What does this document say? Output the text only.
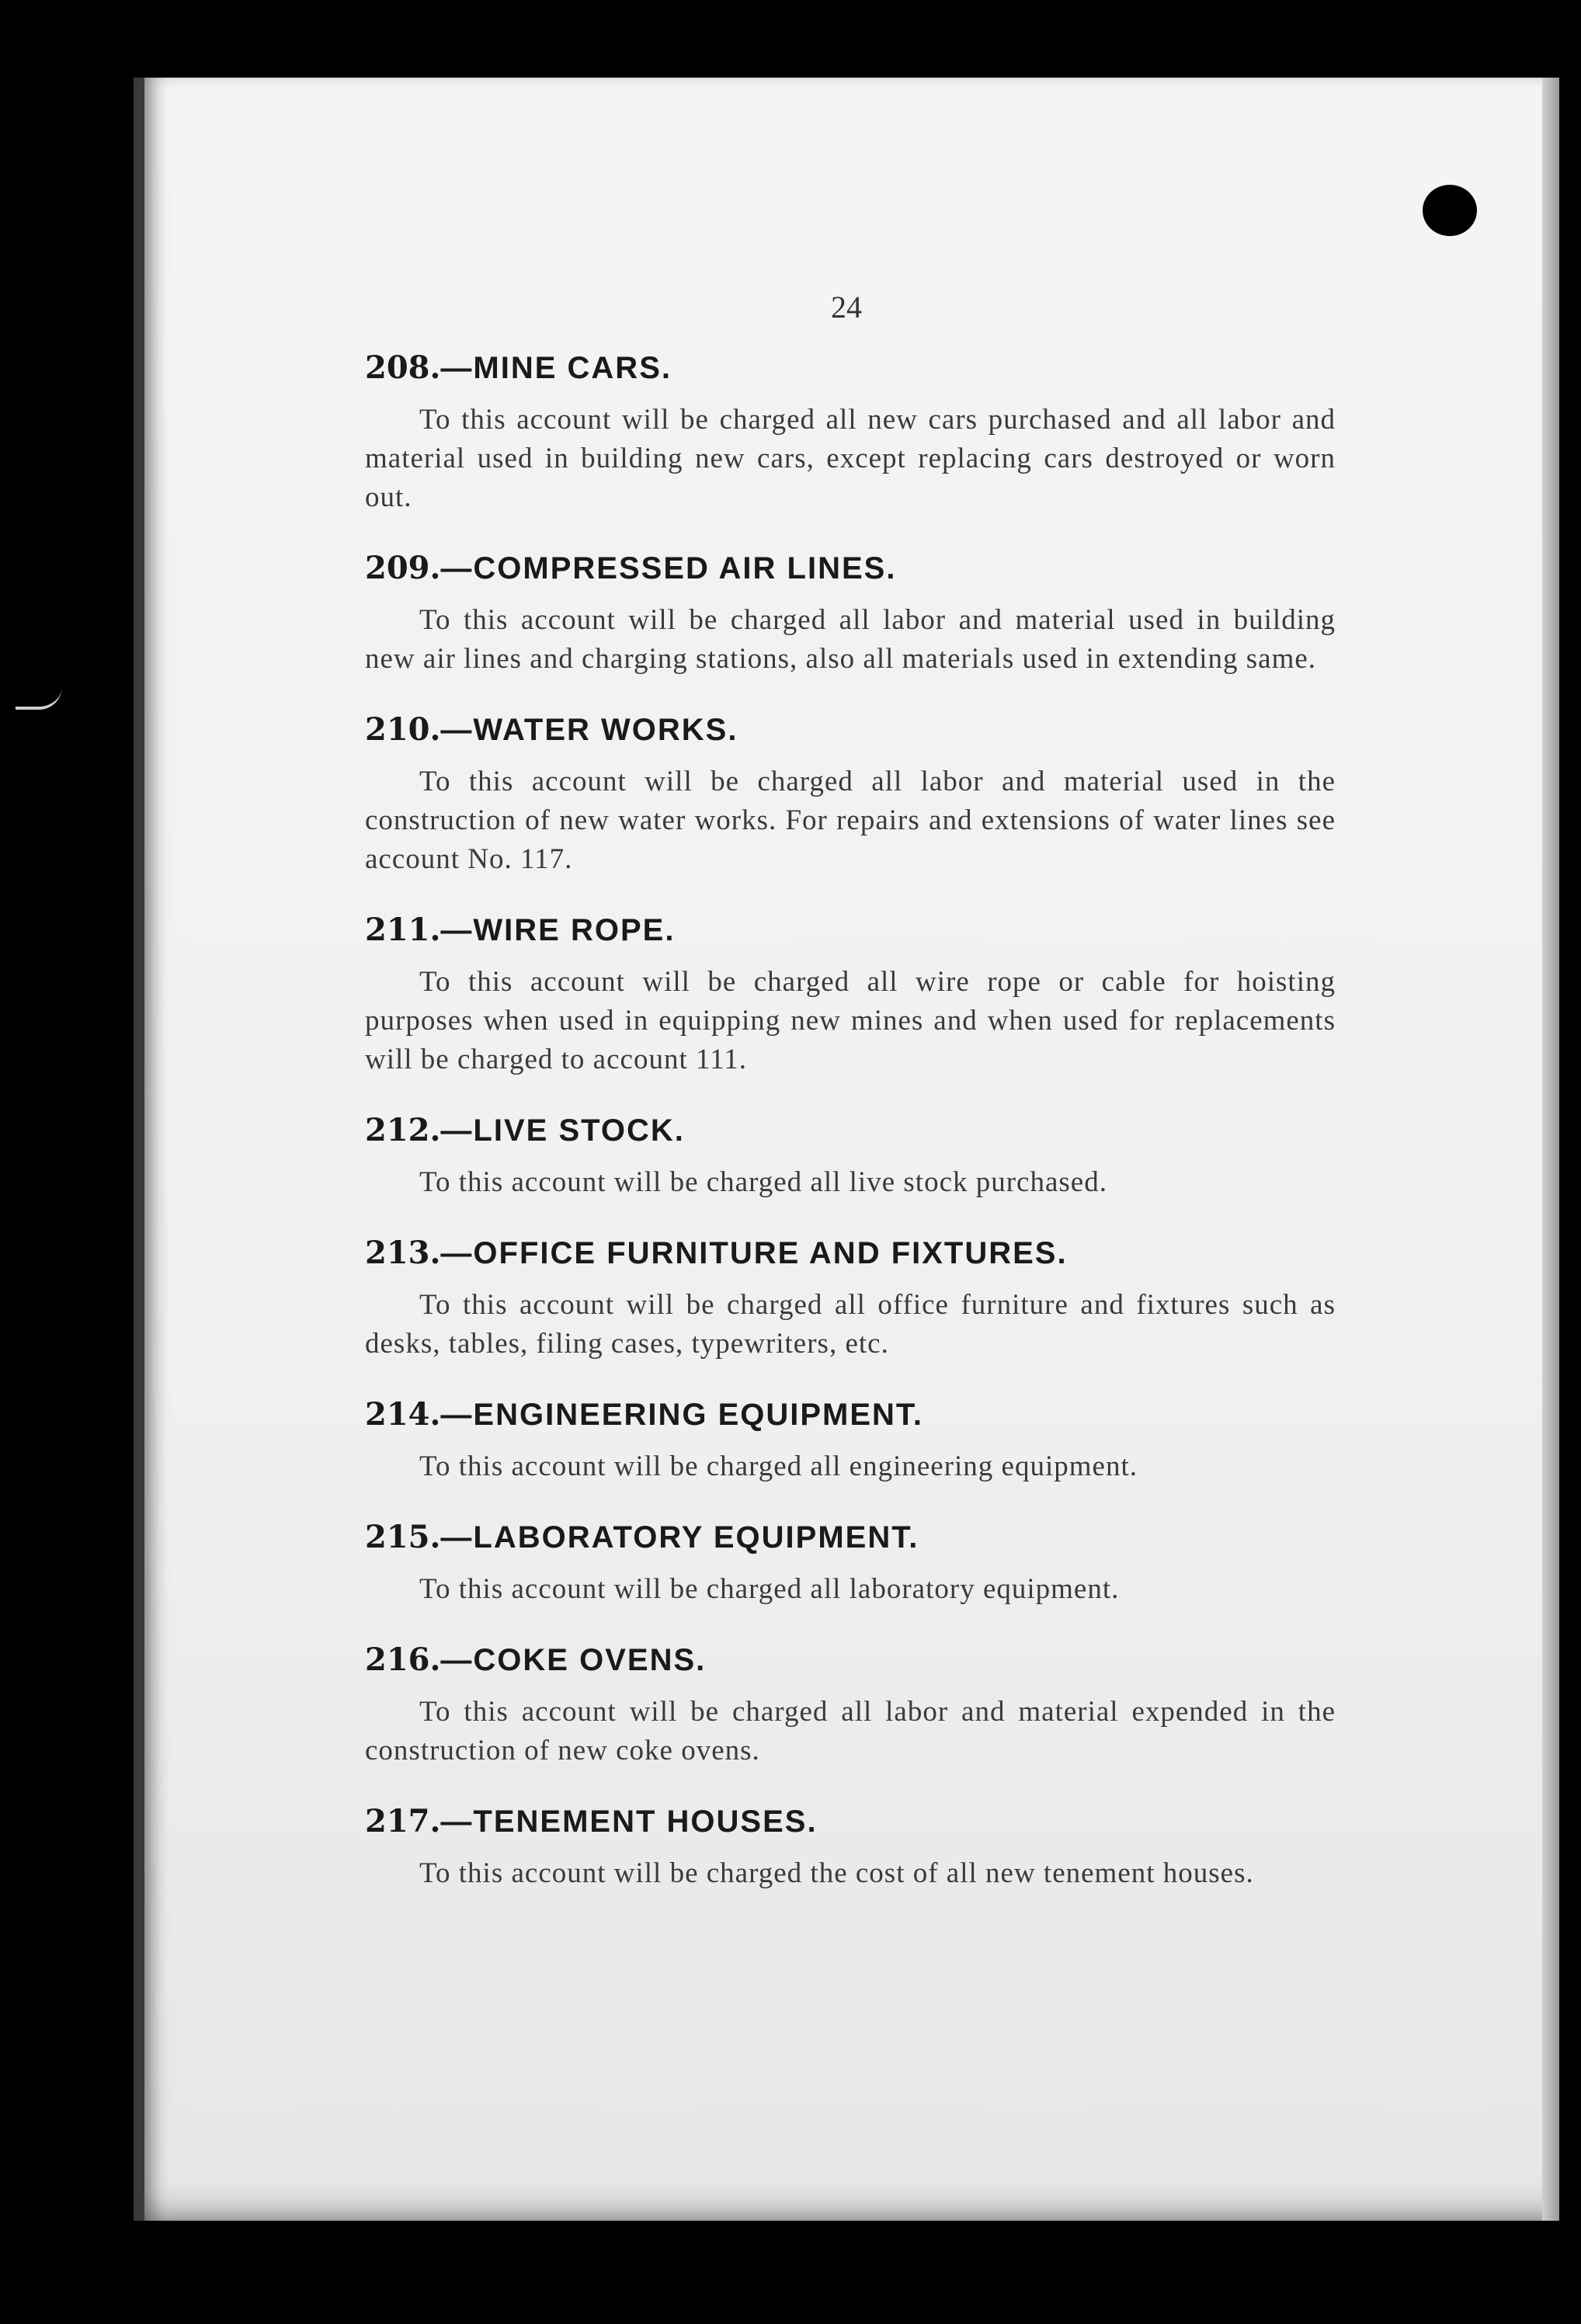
24
208.—MINE CARS.

To this account will be charged all new cars purchased and all labor and material used in building new cars, except replacing cars destroyed or worn out.

209.—COMPRESSED AIR LINES.

To this account will be charged all labor and material used in building new air lines and charging stations, also all materials used in extending same.

210.—WATER WORKS.

To this account will be charged all labor and material used in the construction of new water works. For repairs and extensions of water lines see account No. 117.

211.—WIRE ROPE.

To this account will be charged all wire rope or cable for hoisting purposes when used in equipping new mines and when used for replacements will be charged to account 111.

212.—LIVE STOCK.

To this account will be charged all live stock purchased.

213.—OFFICE FURNITURE AND FIXTURES.

To this account will be charged all office furniture and fixtures such as desks, tables, filing cases, typewriters, etc.

214.—ENGINEERING EQUIPMENT.

To this account will be charged all engineering equipment.

215.—LABORATORY EQUIPMENT.

To this account will be charged all laboratory equipment.

216.—COKE OVENS.

To this account will be charged all labor and material expended in the construction of new coke ovens.

217.—TENEMENT HOUSES.

To this account will be charged the cost of all new tenement houses.
